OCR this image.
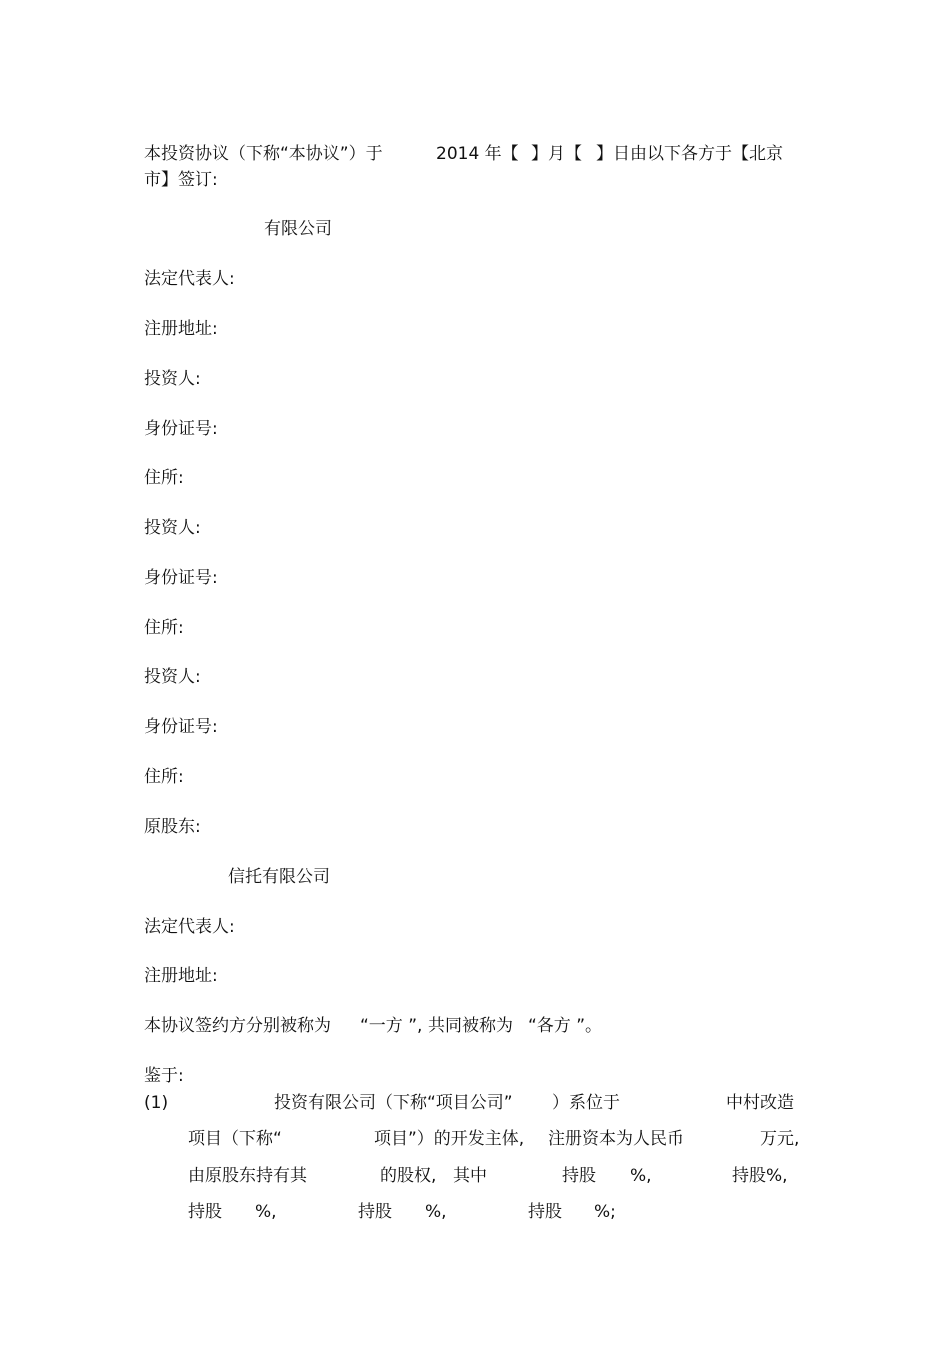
本投资协议（下称“本协议”）于	2014 年【 】月【 】日由以下各方于【北京
市】签订:
有限公司
法定代表人:
注册地址:
投资人:
身份证号:
住所:
投资人:
身份证号:
住所:
投资人:
身份证号:
住所:
原股东:
信托有限公司
法定代表人:
注册地址:
本协议签约方分别被称为 “一方 ”, 共同被称为 “各方 ”。
鉴于:
(1)	投资有限公司（下称“项目公司” ）系位于	中村改造
项目（下称“	项目”）的开发主体, 注册资本为人民币	万元,
由原股东持有其	的股权, 其中	持股 %,	持股%,
持股 %,	持股 %,	持股 %;
